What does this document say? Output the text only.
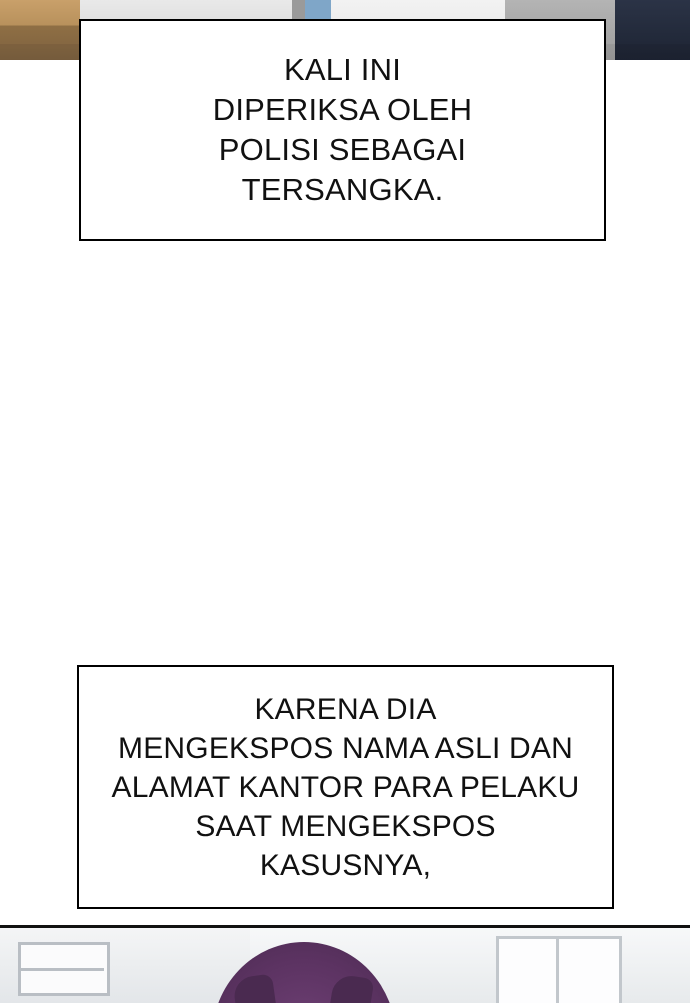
KALI INI
DIPERIKSA OLEH
POLISI SEBAGAI
TERSANGKA.
KARENA DIA
MENGEKSPOS NAMA ASLI DAN
ALAMAT KANTOR PARA PELAKU
SAAT MENGEKSPOS
KASUSNYA,
